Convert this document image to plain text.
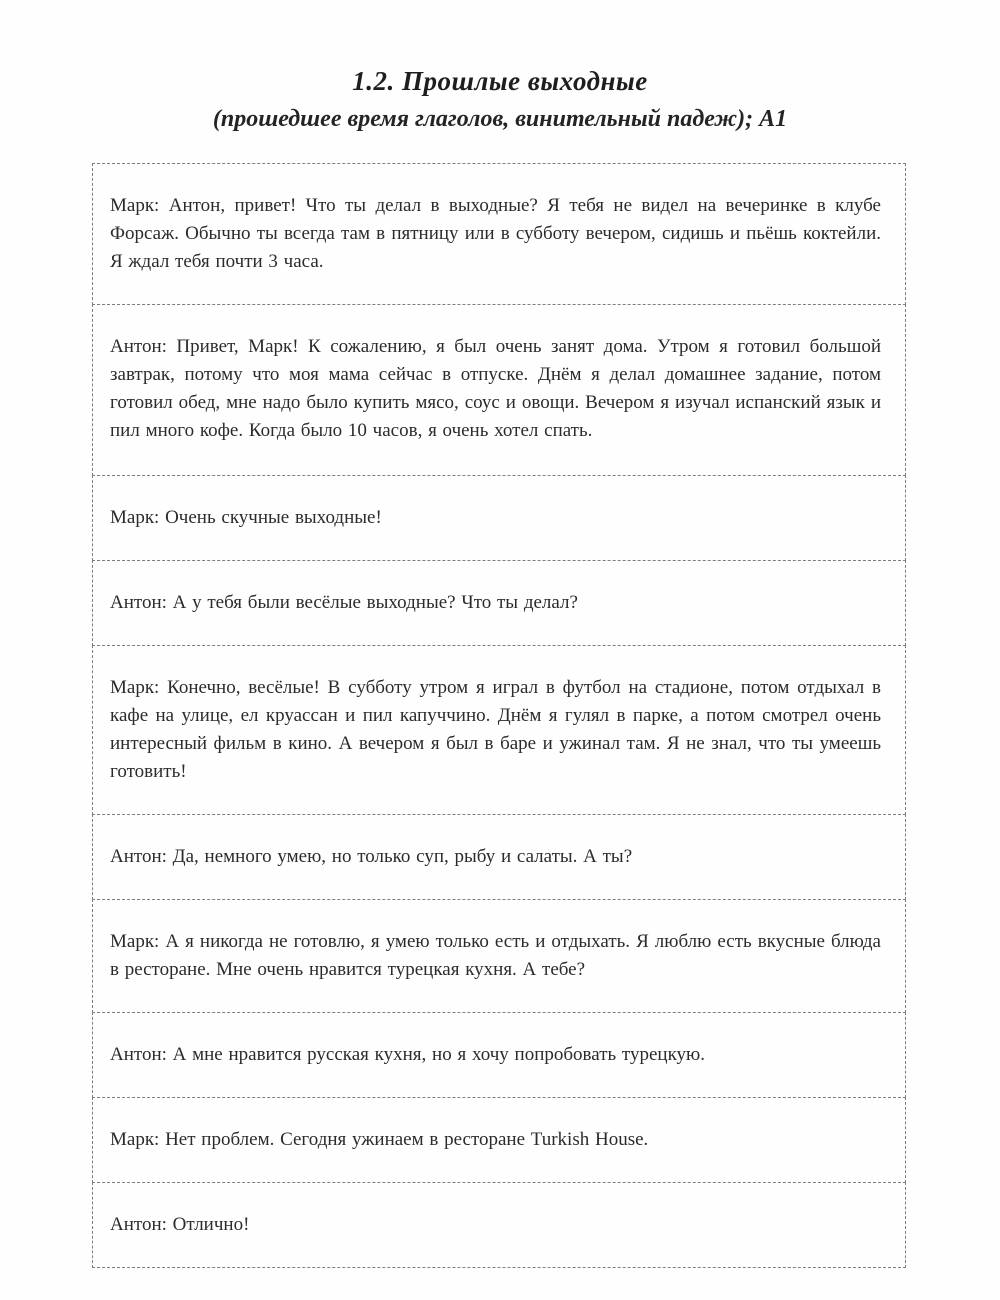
1.2. Прошлые выходные
(прошедшее время глаголов, винительный падеж); А1

Марк: Антон, привет! Что ты делал в выходные? Я тебя не видел на вечеринке в клубе Форсаж. Обычно ты всегда там в пятницу или в субботу вечером, сидишь и пьёшь коктейли. Я ждал тебя почти 3 часа.

Антон: Привет, Марк! К сожалению, я был очень занят дома. Утром я готовил большой завтрак, потому что моя мама сейчас в отпуске. Днём я делал домашнее задание, потом готовил обед, мне надо было купить мясо, соус и овощи. Вечером я изучал испанский язык и пил много кофе. Когда было 10 часов, я очень хотел спать.

Марк: Очень скучные выходные!

Антон: А у тебя были весёлые выходные? Что ты делал?

Марк: Конечно, весёлые! В субботу утром я играл в футбол на стадионе, потом отдыхал в кафе на улице, ел круассан и пил капуччино. Днём я гулял в парке, а потом смотрел очень интересный фильм в кино. А вечером я был в баре и ужинал там. Я не знал, что ты умеешь готовить!

Антон: Да, немного умею, но только суп, рыбу и салаты. А ты?

Марк: А я никогда не готовлю, я умею только есть и отдыхать. Я люблю есть вкусные блюда в ресторане. Мне очень нравится турецкая кухня. А тебе?

Антон: А мне нравится русская кухня, но я хочу попробовать турецкую.

Марк: Нет проблем. Сегодня ужинаем в ресторане Turkish House.

Антон: Отлично!
